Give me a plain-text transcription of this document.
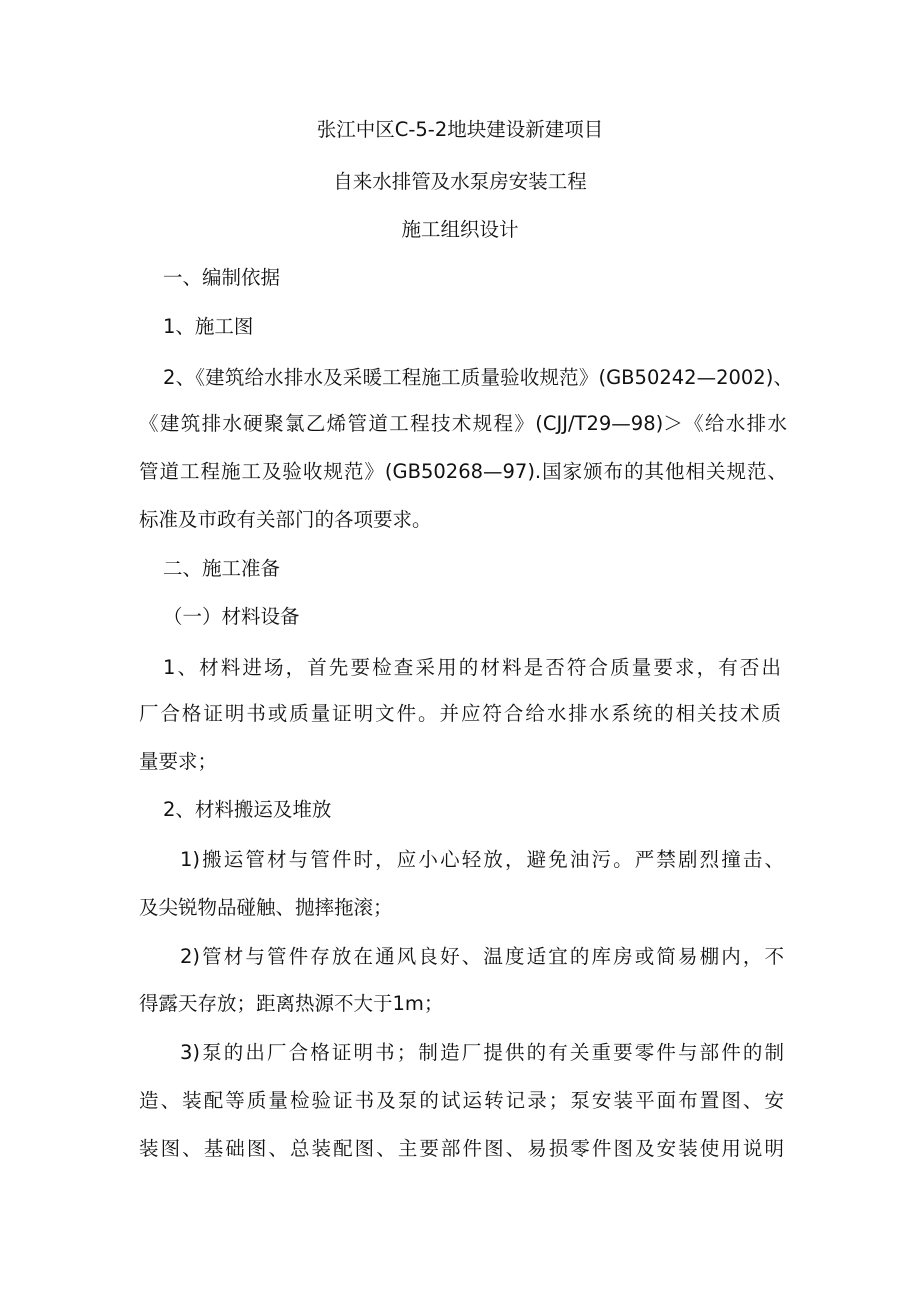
张江中区C-5-2地块建设新建项目

自来水排管及水泵房安装工程

施工组织设计

一、编制依据

1、施工图

2、《建筑给水排水及采暖工程施工质量验收规范》(GB50242—2002)、

《建筑排水硬聚氯乙烯管道工程技术规程》(CJJ/T29—98)＞《给水排水

管道工程施工及验收规范》(GB50268—97).国家颁布的其他相关规范、

标准及市政有关部门的各项要求。

二、施工准备

（一）材料设备

1、材料进场，首先要检查采用的材料是否符合质量要求，有否出

厂合格证明书或质量证明文件。并应符合给水排水系统的相关技术质

量要求；

2、材料搬运及堆放

1)搬运管材与管件时，应小心轻放，避免油污。严禁剧烈撞击、

及尖锐物品碰触、抛摔拖滚；

2)管材与管件存放在通风良好、温度适宜的库房或简易棚内，不

得露天存放；距离热源不大于1m；

3)泵的出厂合格证明书；制造厂提供的有关重要零件与部件的制

造、装配等质量检验证书及泵的试运转记录；泵安装平面布置图、安

装图、基础图、总装配图、主要部件图、易损零件图及安装使用说明
